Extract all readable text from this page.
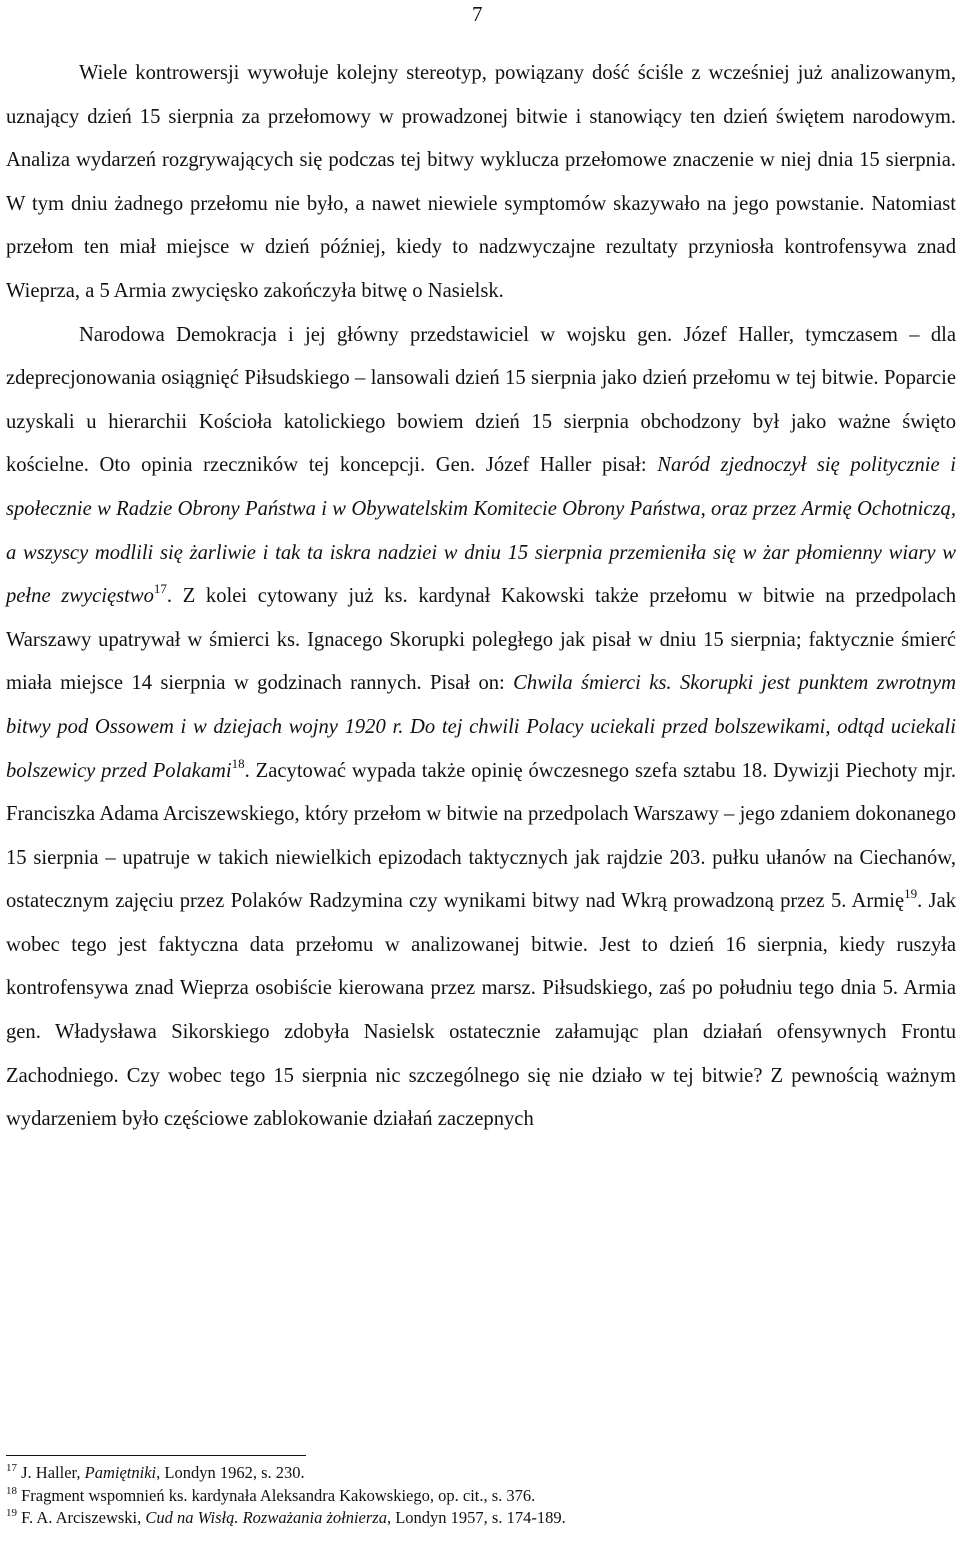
7

Wiele kontrowersji wywołuje kolejny stereotyp, powiązany dość ściśle z wcześniej już analizowanym, uznający dzień 15 sierpnia za przełomowy w prowadzonej bitwie i stanowiący ten dzień świętem narodowym. Analiza wydarzeń rozgrywających się podczas tej bitwy wyklucza przełomowe znaczenie w niej dnia 15 sierpnia. W tym dniu żadnego przełomu nie było, a nawet niewiele symptomów skazywało na jego powstanie. Natomiast przełom ten miał miejsce w dzień później, kiedy to nadzwyczajne rezultaty przyniosła kontrofensywa znad Wieprza, a 5 Armia zwycięsko zakończyła bitwę o Nasielsk.

Narodowa Demokracja i jej główny przedstawiciel w wojsku gen. Józef Haller, tymczasem – dla zdeprecjonowania osiągnięć Piłsudskiego – lansowali dzień 15 sierpnia jako dzień przełomu w tej bitwie. Poparcie uzyskali u hierarchii Kościoła katolickiego bowiem dzień 15 sierpnia obchodzony był jako ważne święto kościelne. Oto opinia rzeczników tej koncepcji. Gen. Józef Haller pisał: Naród zjednoczył się politycznie i społecznie w Radzie Obrony Państwa i w Obywatelskim Komitecie Obrony Państwa, oraz przez Armię Ochotniczą, a wszyscy modlili się żarliwie i tak ta iskra nadziei w dniu 15 sierpnia przemieniła się w żar płomienny wiary w pełne zwycięstwo$^{17}$. Z kolei cytowany już ks. kardynał Kakowski także przełomu w bitwie na przedpolach Warszawy upatrywał w śmierci ks. Ignacego Skorupki poległego jak pisał w dniu 15 sierpnia; faktycznie śmierć miała miejsce 14 sierpnia w godzinach rannych. Pisał on: Chwila śmierci ks. Skorupki jest punktem zwrotnym bitwy pod Ossowem i w dziejach wojny 1920 r. Do tej chwili Polacy uciekali przed bolszewikami, odtąd uciekali bolszewicy przed Polakami$^{18}$. Zacytować wypada także opinię ówczesnego szefa sztabu 18. Dywizji Piechoty mjr. Franciszka Adama Arciszewskiego, który przełom w bitwie na przedpolach Warszawy – jego zdaniem dokonanego 15 sierpnia – upatruje w takich niewielkich epizodach taktycznych jak rajdzie 203. pułku ułanów na Ciechanów, ostatecznym zajęciu przez Polaków Radzymina czy wynikami bitwy nad Wkrą prowadzoną przez 5. Armię$^{19}$. Jak wobec tego jest faktyczna data przełomu w analizowanej bitwie. Jest to dzień 16 sierpnia, kiedy ruszyła kontrofensywa znad Wieprza osobiście kierowana przez marsz. Piłsudskiego, zaś po południu tego dnia 5. Armia gen. Władysława Sikorskiego zdobyła Nasielsk ostatecznie załamując plan działań ofensywnych Frontu Zachodniego. Czy wobec tego 15 sierpnia nic szczególnego się nie działo w tej bitwie? Z pewnością ważnym wydarzeniem było częściowe zablokowanie działań zaczepnych

$^{17}$ J. Haller, Pamiętniki, Londyn 1962, s. 230.

$^{18}$ Fragment wspomnień ks. kardynała Aleksandra Kakowskiego, op. cit., s. 376.

$^{19}$ F. A. Arciszewski, Cud na Wisłą. Rozważania żołnierza, Londyn 1957, s. 174-189.
